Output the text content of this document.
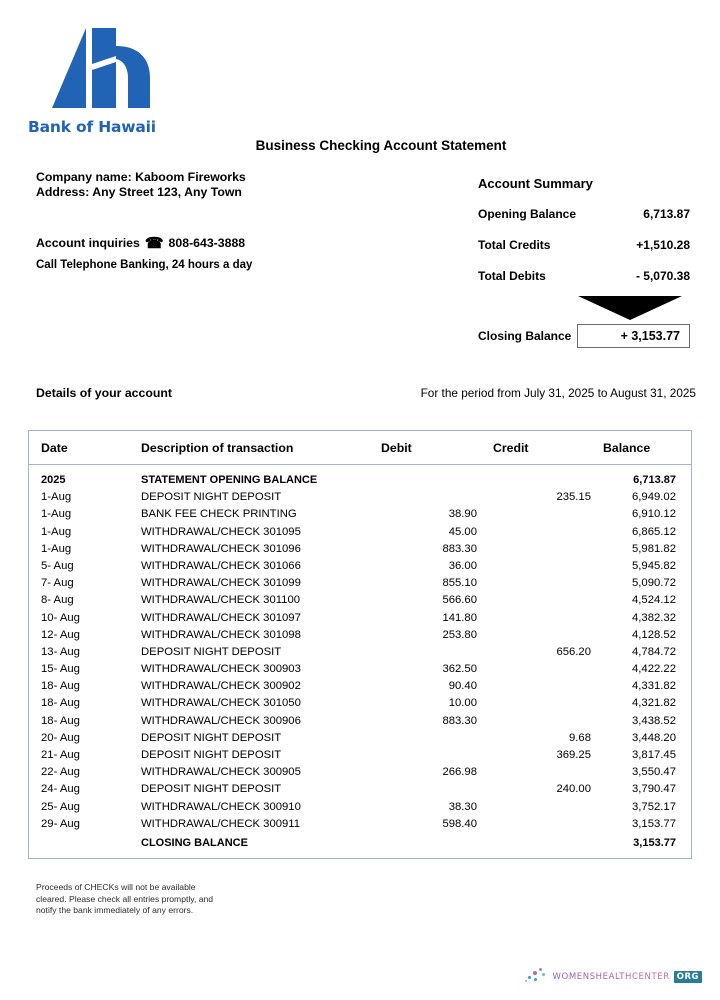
Bank of Hawaii
Business Checking Account Statement
Company name: Kaboom Fireworks
Address: Any Street 123, Any Town
Account inquiries ☎ 808-643-3888
Call Telephone Banking, 24 hours a day
Account Summary
Opening Balance	6,713.87
Total Credits	+1,510.28
Total Debits	- 5,070.38
Closing Balance	+ 3,153.77
Details of your account	For the period from July 31, 2025 to August 31, 2025
Date	Description of transaction	Debit	Credit	Balance
2025	STATEMENT OPENING BALANCE			6,713.87
1-Aug	DEPOSIT NIGHT DEPOSIT		235.15	6,949.02
1-Aug	BANK FEE CHECK PRINTING	38.90		6,910.12
1-Aug	WITHDRAWAL/CHECK 301095	45.00		6,865.12
1-Aug	WITHDRAWAL/CHECK 301096	883.30		5,981.82
5- Aug	WITHDRAWAL/CHECK 301066	36.00		5,945.82
7- Aug	WITHDRAWAL/CHECK 301099	855.10		5,090.72
8- Aug	WITHDRAWAL/CHECK 301100	566.60		4,524.12
10- Aug	WITHDRAWAL/CHECK 301097	141.80		4,382.32
12- Aug	WITHDRAWAL/CHECK 301098	253.80		4,128.52
13- Aug	DEPOSIT NIGHT DEPOSIT		656.20	4,784.72
15- Aug	WITHDRAWAL/CHECK 300903	362.50		4,422.22
18- Aug	WITHDRAWAL/CHECK 300902	90.40		4,331.82
18- Aug	WITHDRAWAL/CHECK 301050	10.00		4,321.82
18- Aug	WITHDRAWAL/CHECK 300906	883.30		3,438.52
20- Aug	DEPOSIT NIGHT DEPOSIT		9.68	3,448.20
21- Aug	DEPOSIT NIGHT DEPOSIT		369.25	3,817.45
22- Aug	WITHDRAWAL/CHECK 300905	266.98		3,550.47
24- Aug	DEPOSIT NIGHT DEPOSIT		240.00	3,790.47
25- Aug	WITHDRAWAL/CHECK 300910	38.30		3,752.17
29- Aug	WITHDRAWAL/CHECK 300911	598.40		3,153.77
	CLOSING BALANCE			3,153.77
Proceeds of CHECKs will not be available
cleared. Please check all entries promptly, and
notify the bank immediately of any errors.
WOMENSHEALTHCENTER ORG
